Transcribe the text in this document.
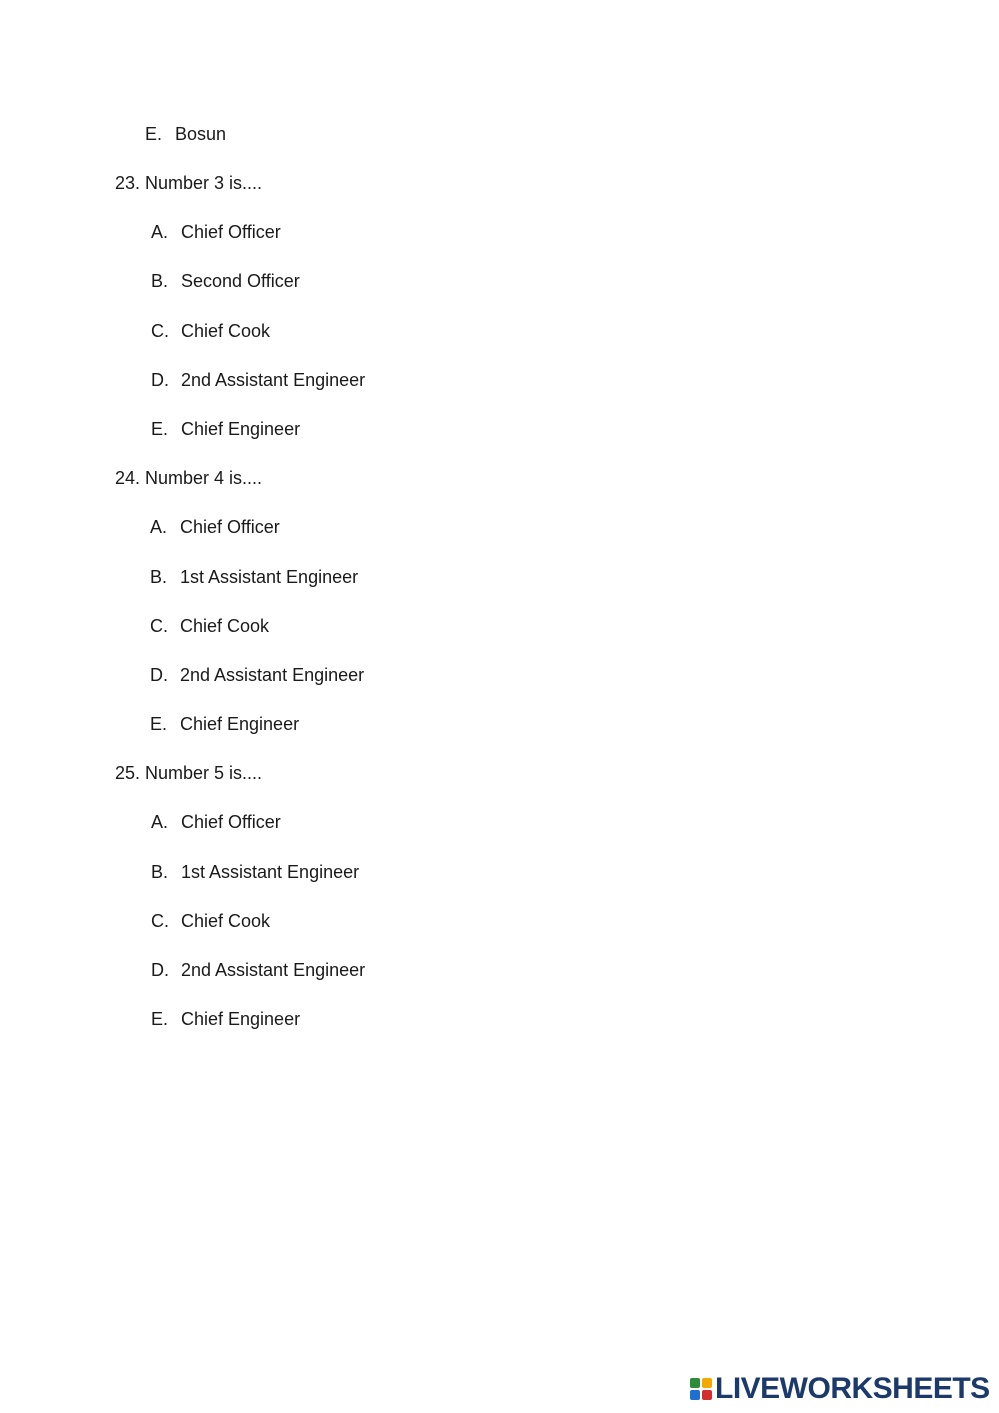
E. Bosun
23. Number 3 is....
A. Chief Officer
B. Second Officer
C. Chief Cook
D. 2nd Assistant Engineer
E. Chief Engineer
24. Number 4 is....
A. Chief Officer
B. 1st Assistant Engineer
C. Chief Cook
D. 2nd Assistant Engineer
E. Chief Engineer
25. Number 5 is....
A. Chief Officer
B. 1st Assistant Engineer
C. Chief Cook
D. 2nd Assistant Engineer
E. Chief Engineer
LIVEWORKSHEETS
